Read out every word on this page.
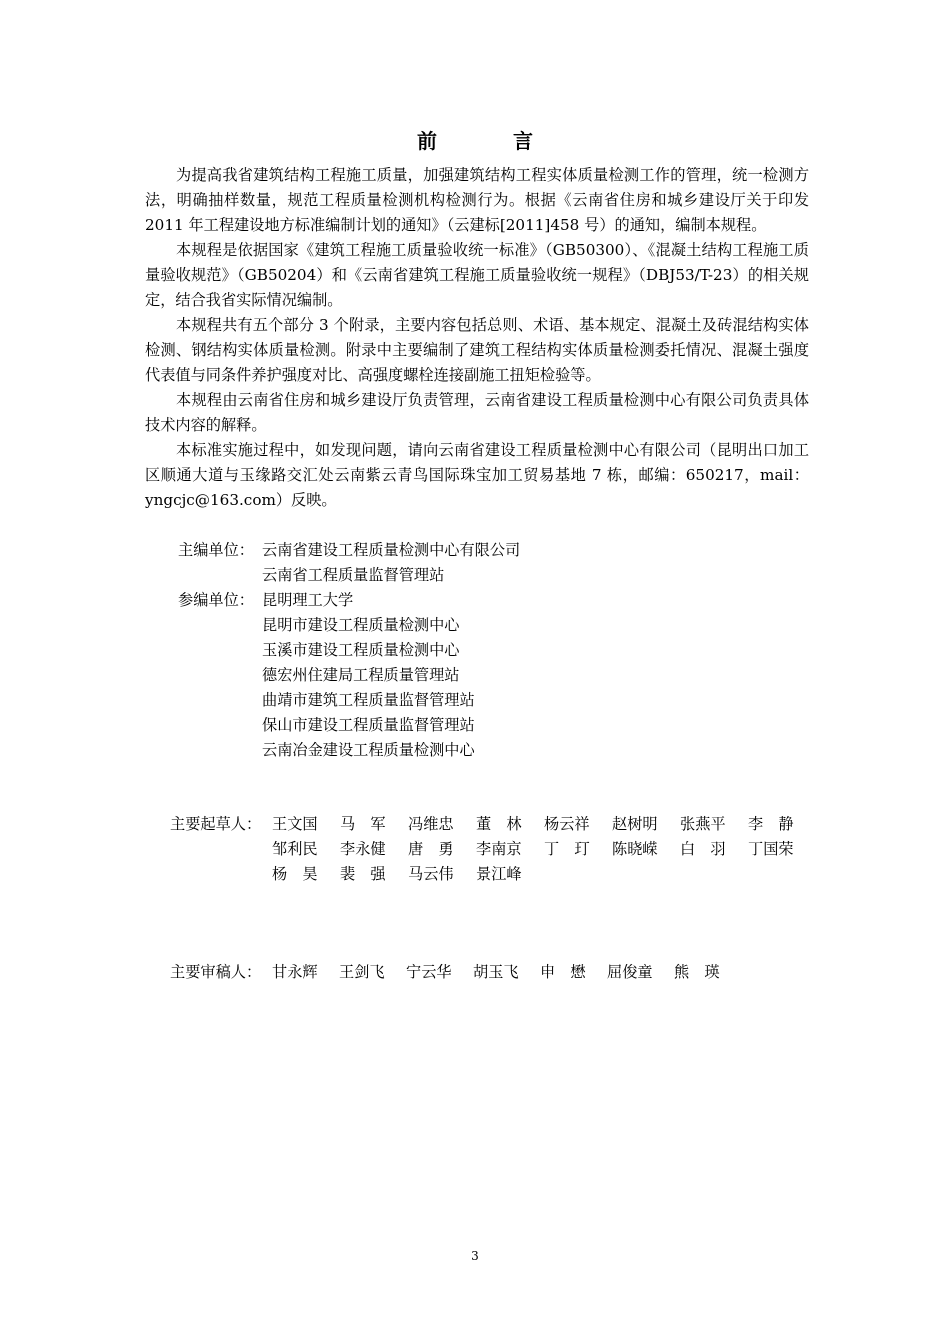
前　言

为提高我省建筑结构工程施工质量，加强建筑结构工程实体质量检测工作的管理，统一检测方法，明确抽样数量，规范工程质量检测机构检测行为。根据《云南省住房和城乡建设厅关于印发 2011 年工程建设地方标准编制计划的通知》（云建标[2011]458 号）的通知，编制本规程。

本规程是依据国家《建筑工程施工质量验收统一标准》（GB50300）、《混凝土结构工程施工质量验收规范》（GB50204）和《云南省建筑工程施工质量验收统一规程》（DBJ53/T-23）的相关规定，结合我省实际情况编制。

本规程共有五个部分 3 个附录，主要内容包括总则、术语、基本规定、混凝土及砖混结构实体检测、钢结构实体质量检测。附录中主要编制了建筑工程结构实体质量检测委托情况、混凝土强度代表值与同条件养护强度对比、高强度螺栓连接副施工扭矩检验等。

本规程由云南省住房和城乡建设厅负责管理，云南省建设工程质量检测中心有限公司负责具体技术内容的解释。

本标准实施过程中，如发现问题，请向云南省建设工程质量检测中心有限公司（昆明出口加工区顺通大道与玉缘路交汇处云南紫云青鸟国际珠宝加工贸易基地 7 栋，邮编：650217，mail：yngcjc@163.com）反映。

主编单位： 云南省建设工程质量检测中心有限公司
云南省工程质量监督管理站
参编单位： 昆明理工大学
昆明市建设工程质量检测中心
玉溪市建设工程质量检测中心
德宏州住建局工程质量管理站
曲靖市建筑工程质量监督管理站
保山市建设工程质量监督管理站
云南冶金建设工程质量检测中心
主要起草人： 王文国	马　军	冯维忠	董　林	杨云祥	赵树明	张燕平	李　静
邹利民	李永健	唐　勇	李南京	丁　玎	陈晓嵘	白　羽	丁国荣
杨　昊	裴　强	马云伟	景江峰
主要审稿人： 甘永辉	王剑飞	宁云华	胡玉飞	申　懋	屈俊童	熊　瑛
3
